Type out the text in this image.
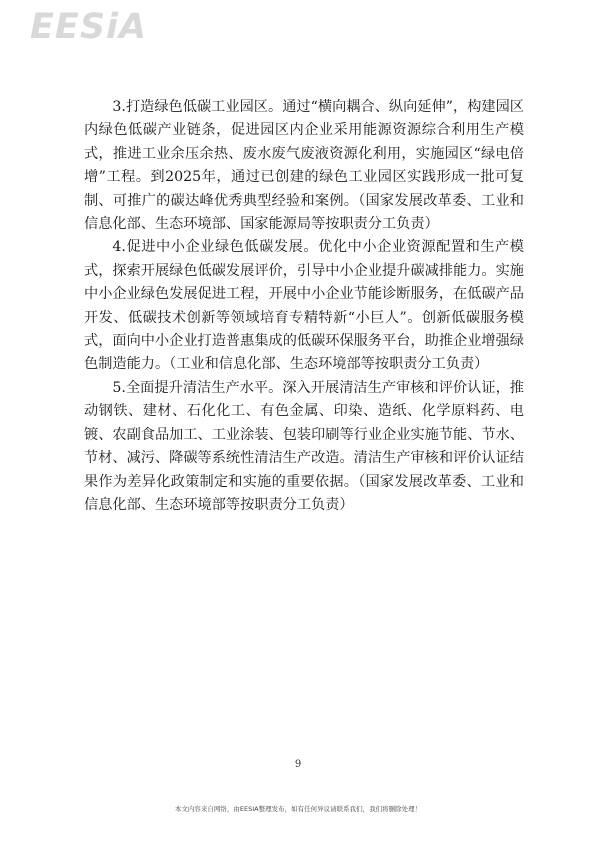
EESiA

3.打造绿色低碳工业园区。通过“横向耦合、纵向延伸”，构建园区内绿色低碳产业链条，促进园区内企业采用能源资源综合利用生产模式，推进工业余压余热、废水废气废液资源化利用，实施园区“绿电倍增”工程。到2025年，通过已创建的绿色工业园区实践形成一批可复制、可推广的碳达峰优秀典型经验和案例。（国家发展改革委、工业和信息化部、生态环境部、国家能源局等按职责分工负责）

4.促进中小企业绿色低碳发展。优化中小企业资源配置和生产模式，探索开展绿色低碳发展评价，引导中小企业提升碳减排能力。实施中小企业绿色发展促进工程，开展中小企业节能诊断服务，在低碳产品开发、低碳技术创新等领域培育专精特新“小巨人”。创新低碳服务模式，面向中小企业打造普惠集成的低碳环保服务平台，助推企业增强绿色制造能力。（工业和信息化部、生态环境部等按职责分工负责）

5.全面提升清洁生产水平。深入开展清洁生产审核和评价认证，推动钢铁、建材、石化化工、有色金属、印染、造纸、化学原料药、电镀、农副食品加工、工业涂装、包装印刷等行业企业实施节能、节水、节材、减污、降碳等系统性清洁生产改造。清洁生产审核和评价认证结果作为差异化政策制定和实施的重要依据。（国家发展改革委、工业和信息化部、生态环境部等按职责分工负责）

9
本文内容来自网络，由EESIA整理发布，如有任何异议请联系我们，我们将删除处理！
